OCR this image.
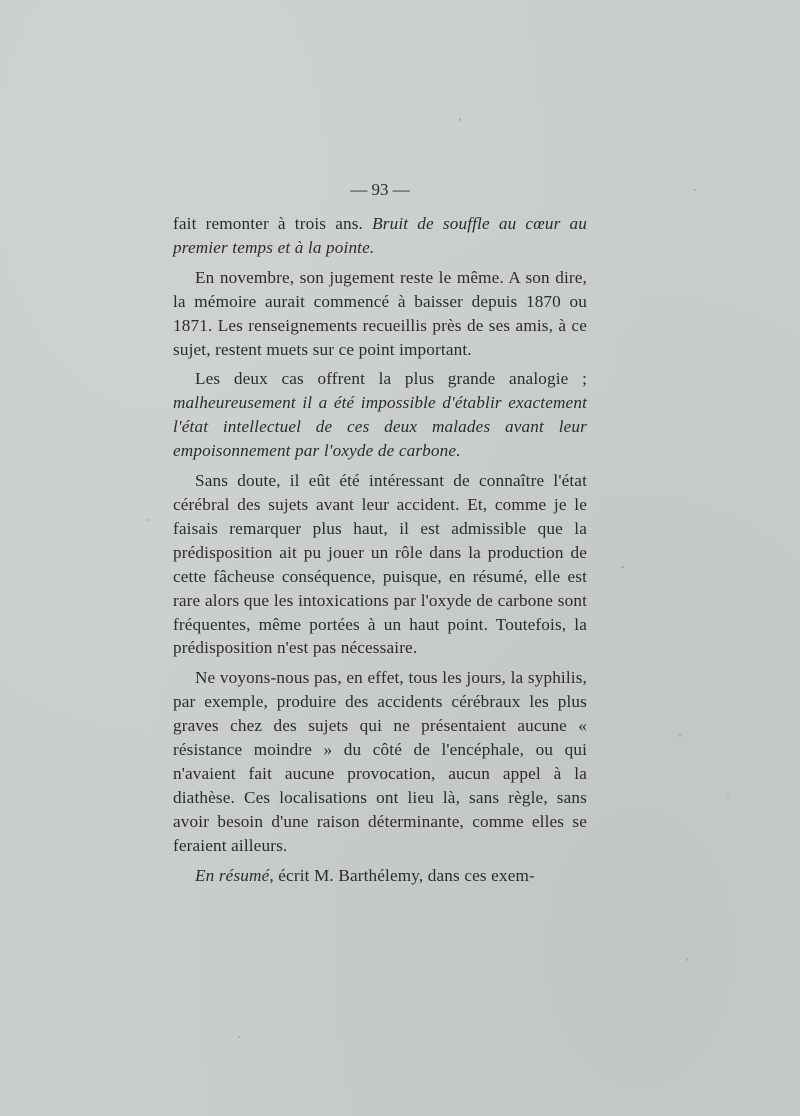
— 93 —

fait remonter à trois ans. Bruit de souffle au cœur au premier temps et à la pointe.

En novembre, son jugement reste le même. A son dire, la mémoire aurait commencé à baisser depuis 1870 ou 1871. Les renseignements recueillis près de ses amis, à ce sujet, restent muets sur ce point important.

Les deux cas offrent la plus grande analogie ; malheureusement il a été impossible d'établir exactement l'état intellectuel de ces deux malades avant leur empoisonnement par l'oxyde de carbone.

Sans doute, il eût été intéressant de connaître l'état cérébral des sujets avant leur accident. Et, comme je le faisais remarquer plus haut, il est admissible que la prédisposition ait pu jouer un rôle dans la production de cette fâcheuse conséquence, puisque, en résumé, elle est rare alors que les intoxications par l'oxyde de carbone sont fréquentes, même portées à un haut point. Toutefois, la prédisposition n'est pas nécessaire.

Ne voyons-nous pas, en effet, tous les jours, la syphilis, par exemple, produire des accidents cérébraux les plus graves chez des sujets qui ne présentaient aucune « résistance moindre » du côté de l'encéphale, ou qui n'avaient fait aucune provocation, aucun appel à la diathèse. Ces localisations ont lieu là, sans règle, sans avoir besoin d'une raison déterminante, comme elles se feraient ailleurs.

En résumé, écrit M. Barthélemy, dans ces exem-
